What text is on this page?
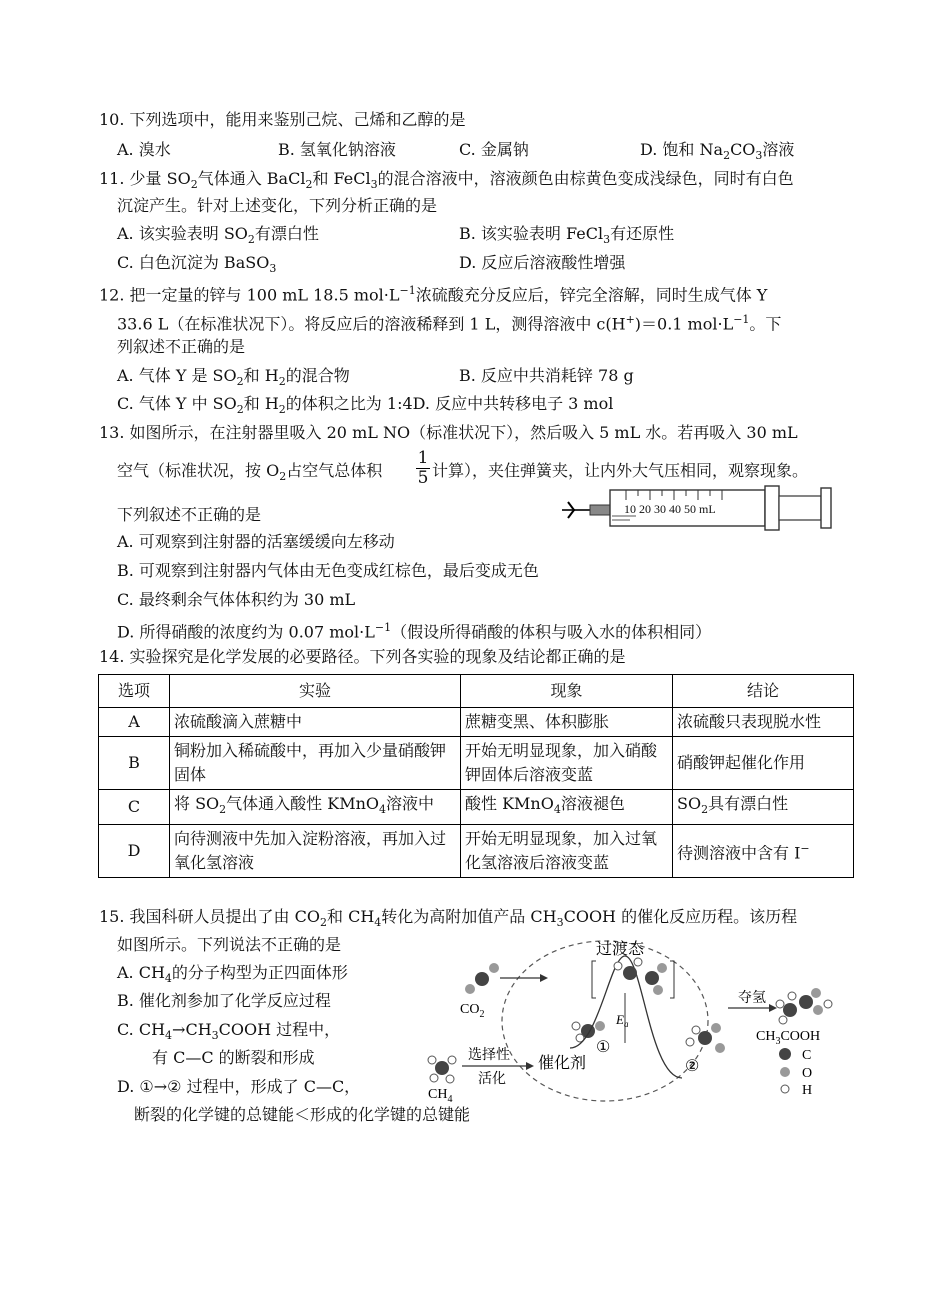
10. 下列选项中，能用来鉴别己烷、己烯和乙醇的是
A. 溴水	B. 氢氧化钠溶液	C. 金属钠	D. 饱和 $Na_2CO_3$溶液
11. 少量 $SO_2$气体通入 BaCl$_2$和 FeCl$_3$的混合溶液中，溶液颜色由棕黄色变成浅绿色，同时有白色
沉淀产生。针对上述变化，下列分析正确的是
A. 该实验表明 $SO_2$有漂白性	B. 该实验表明 FeCl$_3$有还原性
C. 白色沉淀为 BaSO$_3$	D. 反应后溶液酸性增强
12. 把一定量的锌与 100 mL 18.5 $mol\cdot L^{-1}$浓硫酸充分反应后，锌完全溶解，同时生成气体 Y
33.6 L（在标准状况下）。将反应后的溶液稀释到 1 L，测得溶液中 c(H+)＝0.1 $mol\cdot L^{-1}$。下
列叙述不正确的是
A. 气体 Y 是 $SO_2$和 $H_2$的混合物	B. 反应中共消耗锌 78 g
C. 气体 Y 中 $SO_2$和 $H_2$的体积之比为 1:4D. 反应中共转移电子 3 mol
13. 如图所示，在注射器里吸入 20 mL NO（标准状况下），然后吸入 5 mL 水。若再吸入 30 mL
空气（标准状况，按 $O_2$占空气总体积 $\frac{1}{5}$ 计算），夹住弹簧夹，让内外大气压相同，观察现象。
下列叙述不正确的是	10 20 30 40 50 mL
A. 可观察到注射器的活塞缓缓向左移动
B. 可观察到注射器内气体由无色变成红棕色，最后变成无色
C. 最终剩余气体体积约为 30 mL
D. 所得硝酸的浓度约为 0.07 $mol\cdot L^{-1}$（假设所得硝酸的体积与吸入水的体积相同）
14. 实验探究是化学发展的必要路径。下列各实验的现象及结论都正确的是
选项	实验	现象	结论
A	浓硫酸滴入蔗糖中	蔗糖变黑、体积膨胀	浓硫酸只表现脱水性
B	铜粉加入稀硫酸中，再加入少量硝酸钾固体	开始无明显现象，加入硝酸钾固体后溶液变蓝	硝酸钾起催化作用
C	将 $SO_2$气体通入酸性 KMnO$_4$溶液中	酸性 KMnO$_4$溶液褪色	$SO_2$具有漂白性
D	向待测液中先加入淀粉溶液，再加入过氧化氢溶液	开始无明显现象，加入过氧化氢溶液后溶液变蓝	待测溶液中含有 I−
15. 我国科研人员提出了由 $CO_2$和 $CH_4$转化为高附加值产品 $CH_3COOH$ 的催化反应历程。该历程
如图所示。下列说法不正确的是
A. $CH_4$的分子构型为正四面体形
B. 催化剂参加了化学反应过程
C. $CH_4\to CH_3COOH$ 过程中，
有 C—C 的断裂和形成
D. ①→② 过程中，形成了 C—C，
断裂的化学键的总键能＜形成的化学键的总键能
$CO_2$
$CH_4$
选择性
活化
催化剂
①
②
$E_a$
过渡态
夺氢
$CH_3COOH$
C
O
H
